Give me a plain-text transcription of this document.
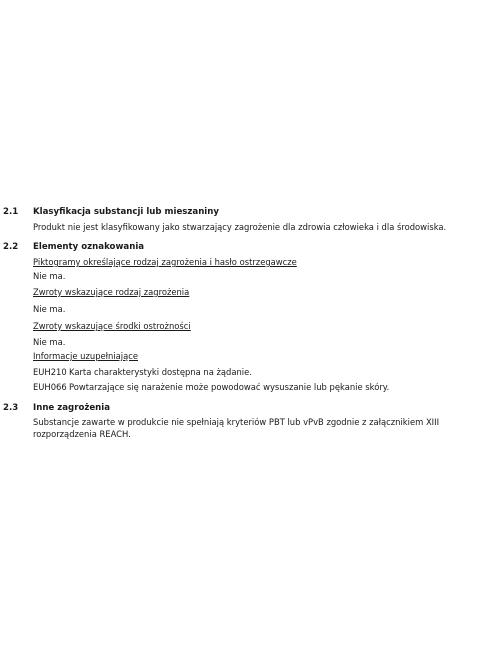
2.1 Klasyfikacja substancji lub mieszaniny
Produkt nie jest klasyfikowany jako stwarzający zagrożenie dla zdrowia człowieka i dla środowiska.
2.2 Elementy oznakowania
Piktogramy określające rodzaj zagrożenia i hasło ostrzegawcze
Nie ma.
Zwroty wskazujące rodzaj zagrożenia
Nie ma.
Zwroty wskazujące środki ostrożności
Nie ma.
Informacje uzupełniające
EUH210 Karta charakterystyki dostępna na żądanie.
EUH066 Powtarzające się narażenie może powodować wysuszanie lub pękanie skóry.
2.3 Inne zagrożenia
Substancje zawarte w produkcie nie spełniają kryteriów PBT lub vPvB zgodnie z załącznikiem XIII rozporządzenia REACH.
